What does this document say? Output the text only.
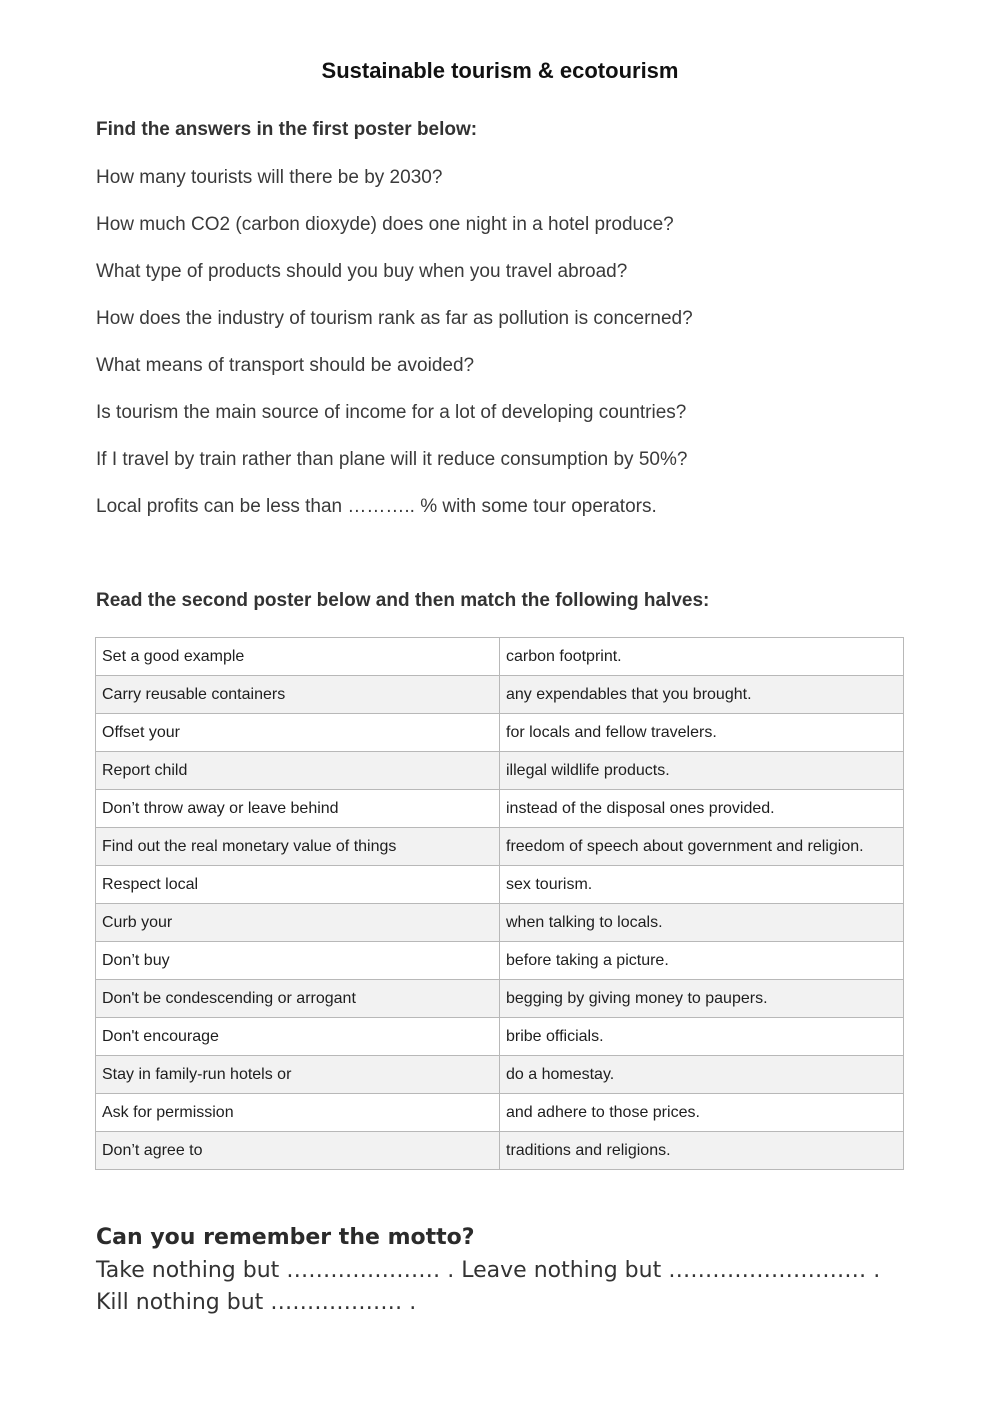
Sustainable tourism & ecotourism
Find the answers in the first poster below:
How many tourists will there be by 2030?
How much CO2 (carbon dioxyde) does one night in a hotel produce?
What type of products should you buy when you travel abroad?
How does the industry of tourism rank as far as pollution is concerned?
What means of transport should be avoided?
Is tourism the main source of income for a lot of developing countries?
If I travel by train rather than plane will it reduce consumption by 50%?
Local profits can be less than ……….. % with some tour operators.
Read the second poster below and then match the following halves:
Set a good example	carbon footprint.
Carry reusable containers	any expendables that you brought.
Offset your	for locals and fellow travelers.
Report child	illegal wildlife products.
Don’t throw away or leave behind	instead of the disposal ones provided.
Find out the real monetary value of things	freedom of speech about government and religion.
Respect local	sex tourism.
Curb your	when talking to locals.
Don’t buy	before taking a picture.
Don't be condescending or arrogant	begging by giving money to paupers.
Don't encourage	bribe officials.
Stay in family-run hotels or	do a homestay.
Ask for permission	and adhere to those prices.
Don’t agree to	traditions and religions.
Can you remember the motto?
Take nothing but ………………… . Leave nothing but ……………………… .
Kill nothing but ……………… .
